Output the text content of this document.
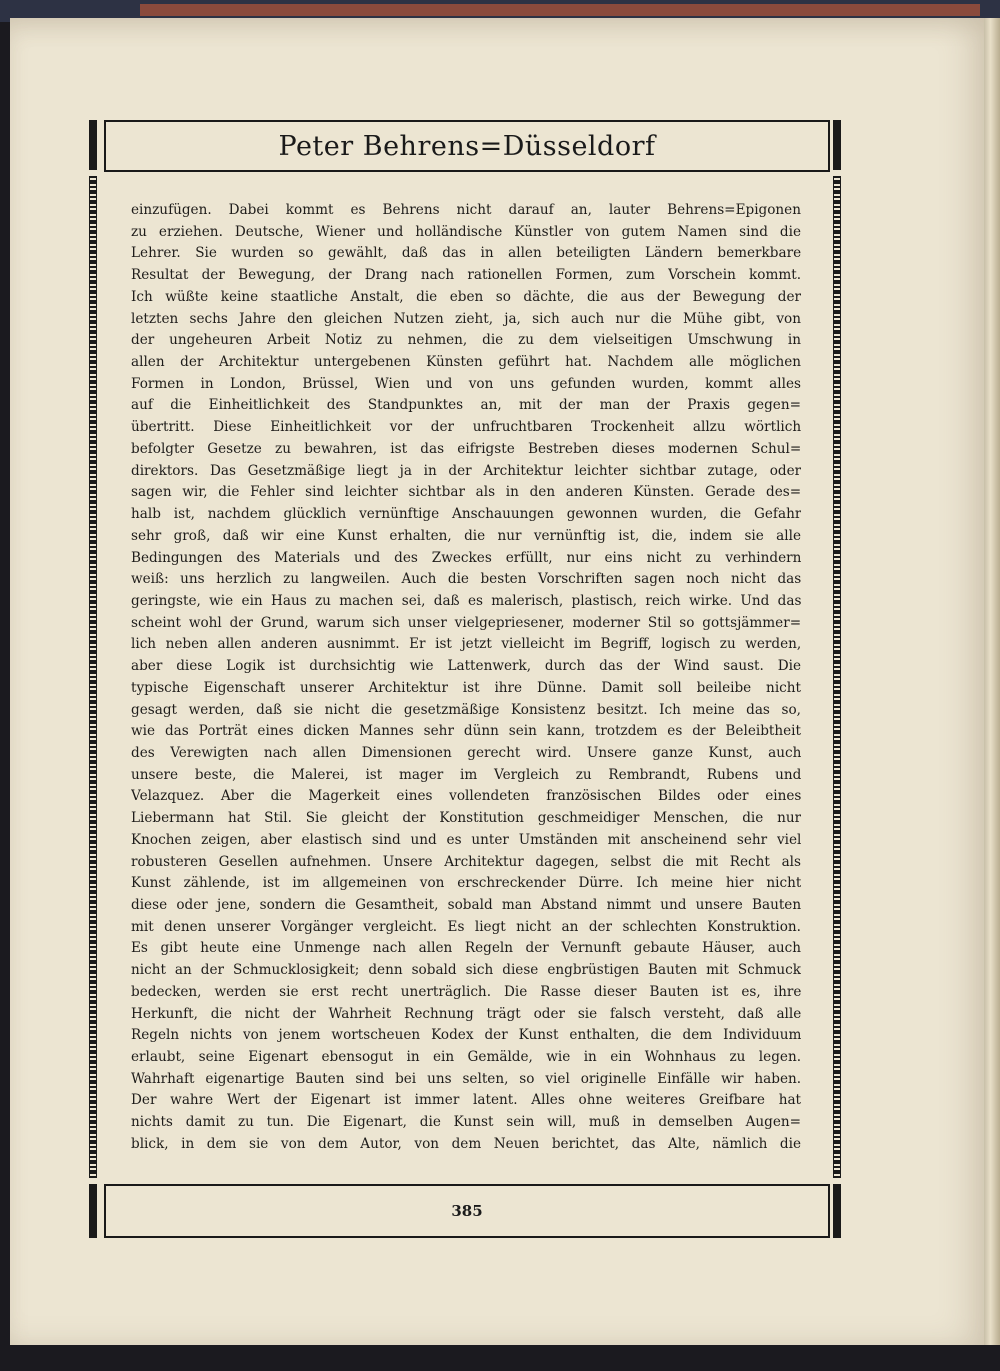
Peter Behrens=Düsseldorf
einzufügen. Dabei kommt es Behrens nicht darauf an, lauter Behrens=Epigonen
zu erziehen. Deutsche, Wiener und holländische Künstler von gutem Namen sind die
Lehrer. Sie wurden so gewählt, daß das in allen beteiligten Ländern bemerkbare
Resultat der Bewegung, der Drang nach rationellen Formen, zum Vorschein kommt.
Ich wüßte keine staatliche Anstalt, die eben so dächte, die aus der Bewegung der
letzten sechs Jahre den gleichen Nutzen zieht, ja, sich auch nur die Mühe gibt, von
der ungeheuren Arbeit Notiz zu nehmen, die zu dem vielseitigen Umschwung in
allen der Architektur untergebenen Künsten geführt hat. Nachdem alle möglichen
Formen in London, Brüssel, Wien und von uns gefunden wurden, kommt alles
auf die Einheitlichkeit des Standpunktes an, mit der man der Praxis gegen=
übertritt. Diese Einheitlichkeit vor der unfruchtbaren Trockenheit allzu wörtlich
befolgter Gesetze zu bewahren, ist das eifrigste Bestreben dieses modernen Schul=
direktors. Das Gesetzmäßige liegt ja in der Architektur leichter sichtbar zutage, oder
sagen wir, die Fehler sind leichter sichtbar als in den anderen Künsten. Gerade des=
halb ist, nachdem glücklich vernünftige Anschauungen gewonnen wurden, die Gefahr
sehr groß, daß wir eine Kunst erhalten, die nur vernünftig ist, die, indem sie alle
Bedingungen des Materials und des Zweckes erfüllt, nur eins nicht zu verhindern
weiß: uns herzlich zu langweilen. Auch die besten Vorschriften sagen noch nicht das
geringste, wie ein Haus zu machen sei, daß es malerisch, plastisch, reich wirke. Und das
scheint wohl der Grund, warum sich unser vielgepriesener, moderner Stil so gottsjämmer=
lich neben allen anderen ausnimmt. Er ist jetzt vielleicht im Begriff, logisch zu werden,
aber diese Logik ist durchsichtig wie Lattenwerk, durch das der Wind saust. Die
typische Eigenschaft unserer Architektur ist ihre Dünne. Damit soll beileibe nicht
gesagt werden, daß sie nicht die gesetzmäßige Konsistenz besitzt. Ich meine das so,
wie das Porträt eines dicken Mannes sehr dünn sein kann, trotzdem es der Beleibtheit
des Verewigten nach allen Dimensionen gerecht wird. Unsere ganze Kunst, auch
unsere beste, die Malerei, ist mager im Vergleich zu Rembrandt, Rubens und
Velazquez. Aber die Magerkeit eines vollendeten französischen Bildes oder eines
Liebermann hat Stil. Sie gleicht der Konstitution geschmeidiger Menschen, die nur
Knochen zeigen, aber elastisch sind und es unter Umständen mit anscheinend sehr viel
robusteren Gesellen aufnehmen. Unsere Architektur dagegen, selbst die mit Recht als
Kunst zählende, ist im allgemeinen von erschreckender Dürre. Ich meine hier nicht
diese oder jene, sondern die Gesamtheit, sobald man Abstand nimmt und unsere Bauten
mit denen unserer Vorgänger vergleicht. Es liegt nicht an der schlechten Konstruktion.
Es gibt heute eine Unmenge nach allen Regeln der Vernunft gebaute Häuser, auch
nicht an der Schmucklosigkeit; denn sobald sich diese engbrüstigen Bauten mit Schmuck
bedecken, werden sie erst recht unerträglich. Die Rasse dieser Bauten ist es, ihre
Herkunft, die nicht der Wahrheit Rechnung trägt oder sie falsch versteht, daß alle
Regeln nichts von jenem wortscheuen Kodex der Kunst enthalten, die dem Individuum
erlaubt, seine Eigenart ebensogut in ein Gemälde, wie in ein Wohnhaus zu legen.
Wahrhaft eigenartige Bauten sind bei uns selten, so viel originelle Einfälle wir haben.
Der wahre Wert der Eigenart ist immer latent. Alles ohne weiteres Greifbare hat
nichts damit zu tun. Die Eigenart, die Kunst sein will, muß in demselben Augen=
blick, in dem sie von dem Autor, von dem Neuen berichtet, das Alte, nämlich die
385
